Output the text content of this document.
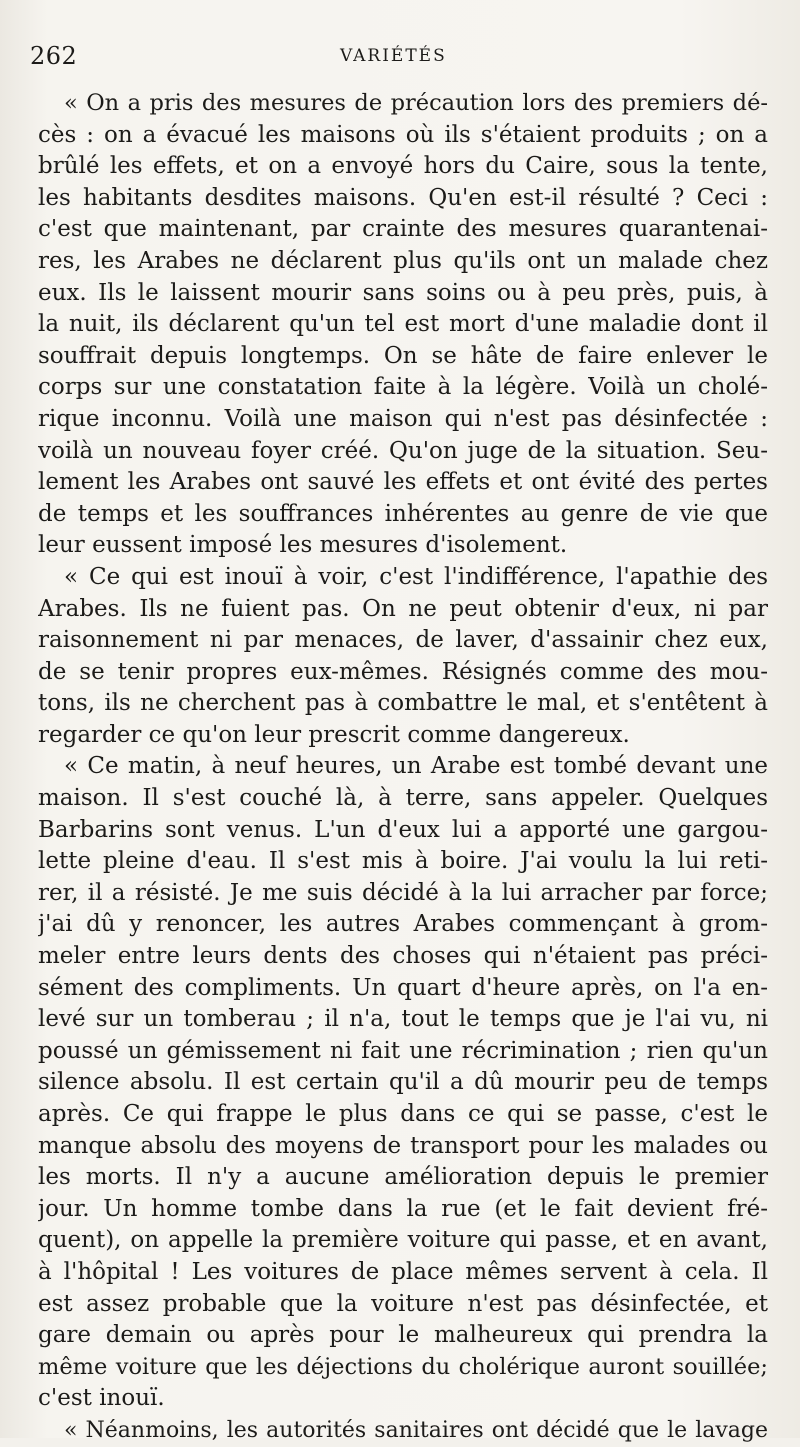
262	VARIÉTÉS
« On a pris des mesures de précaution lors des premiers dé-
cès : on a évacué les maisons où ils s'étaient produits ; on a
brûlé les effets, et on a envoyé hors du Caire, sous la tente,
les habitants desdites maisons. Qu'en est-il résulté ? Ceci :
c'est que maintenant, par crainte des mesures quarantenai-
res, les Arabes ne déclarent plus qu'ils ont un malade chez
eux. Ils le laissent mourir sans soins ou à peu près, puis, à
la nuit, ils déclarent qu'un tel est mort d'une maladie dont il
souffrait depuis longtemps. On se hâte de faire enlever le
corps sur une constatation faite à la légère. Voilà un cholé-
rique inconnu. Voilà une maison qui n'est pas désinfectée :
voilà un nouveau foyer créé. Qu'on juge de la situation. Seu-
lement les Arabes ont sauvé les effets et ont évité des pertes
de temps et les souffrances inhérentes au genre de vie que
leur eussent imposé les mesures d'isolement.
« Ce qui est inouï à voir, c'est l'indifférence, l'apathie des
Arabes. Ils ne fuient pas. On ne peut obtenir d'eux, ni par
raisonnement ni par menaces, de laver, d'assainir chez eux,
de se tenir propres eux-mêmes. Résignés comme des mou-
tons, ils ne cherchent pas à combattre le mal, et s'entêtent à
regarder ce qu'on leur prescrit comme dangereux.
« Ce matin, à neuf heures, un Arabe est tombé devant une
maison. Il s'est couché là, à terre, sans appeler. Quelques
Barbarins sont venus. L'un d'eux lui a apporté une gargou-
lette pleine d'eau. Il s'est mis à boire. J'ai voulu la lui reti-
rer, il a résisté. Je me suis décidé à la lui arracher par force;
j'ai dû y renoncer, les autres Arabes commençant à grom-
meler entre leurs dents des choses qui n'étaient pas préci-
sément des compliments. Un quart d'heure après, on l'a en-
levé sur un tomberau ; il n'a, tout le temps que je l'ai vu, ni
poussé un gémissement ni fait une récrimination ; rien qu'un
silence absolu. Il est certain qu'il a dû mourir peu de temps
après. Ce qui frappe le plus dans ce qui se passe, c'est le
manque absolu des moyens de transport pour les malades ou
les morts. Il n'y a aucune amélioration depuis le premier
jour. Un homme tombe dans la rue (et le fait devient fré-
quent), on appelle la première voiture qui passe, et en avant,
à l'hôpital ! Les voitures de place mêmes servent à cela. Il
est assez probable que la voiture n'est pas désinfectée, et
gare demain ou après pour le malheureux qui prendra la
même voiture que les déjections du cholérique auront souillée;
c'est inouï.
« Néanmoins, les autorités sanitaires ont décidé que le lavage
